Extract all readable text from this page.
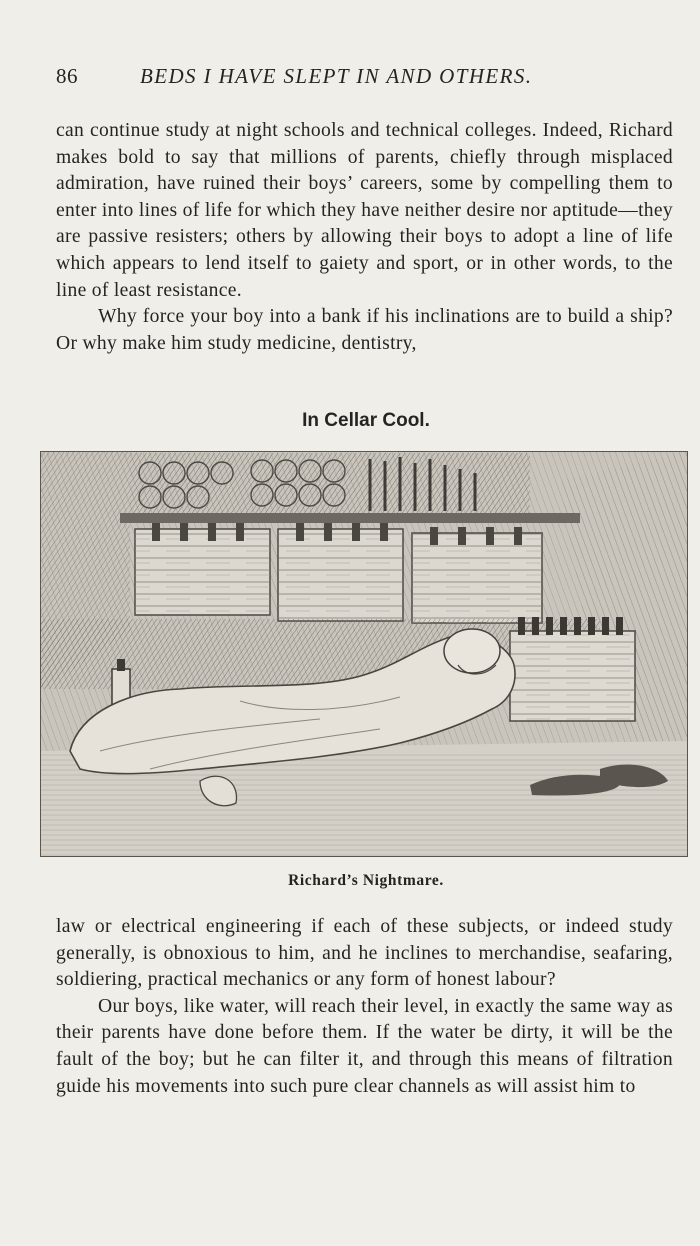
86	BEDS I HAVE SLEPT IN AND OTHERS.

can continue study at night schools and technical colleges. Indeed, Richard makes bold to say that millions of parents, chiefly through misplaced admiration, have ruined their boys’ careers, some by compelling them to enter into lines of life for which they have neither desire nor aptitude—they are passive resisters; others by allowing their boys to adopt a line of life which appears to lend itself to gaiety and sport, or in other words, to the line of least resistance.

Why force your boy into a bank if his inclinations are to build a ship? Or why make him study medicine, dentistry,

In Cellar Cool.
Richard’s Nightmare.

law or electrical engineering if each of these subjects, or indeed study generally, is obnoxious to him, and he inclines to merchandise, seafaring, soldiering, practical mechanics or any form of honest labour?

Our boys, like water, will reach their level, in exactly the same way as their parents have done before them. If the water be dirty, it will be the fault of the boy; but he can filter it, and through this means of filtration guide his movements into such pure clear channels as will assist him to
